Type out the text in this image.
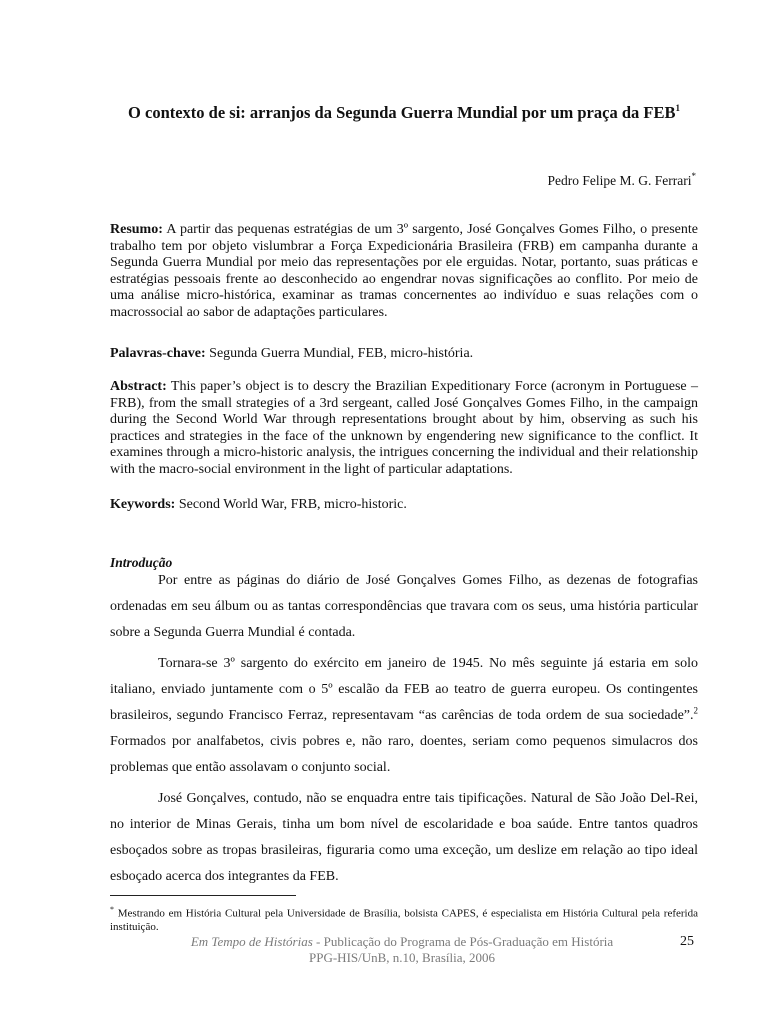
O contexto de si: arranjos da Segunda Guerra Mundial por um praça da FEB$^1$
Pedro Felipe M. G. Ferrari*
Resumo: A partir das pequenas estratégias de um 3º sargento, José Gonçalves Gomes Filho, o presente trabalho tem por objeto vislumbrar a Força Expedicionária Brasileira (FRB) em campanha durante a Segunda Guerra Mundial por meio das representações por ele erguidas. Notar, portanto, suas práticas e estratégias pessoais frente ao desconhecido ao engendrar novas significações ao conflito. Por meio de uma análise micro-histórica, examinar as tramas concernentes ao indivíduo e suas relações com o macrossocial ao sabor de adaptações particulares.
Palavras-chave: Segunda Guerra Mundial, FEB, micro-história.
Abstract: This paper’s object is to descry the Brazilian Expeditionary Force (acronym in Portuguese – FRB), from the small strategies of a 3rd sergeant, called José Gonçalves Gomes Filho, in the campaign during the Second World War through representations brought about by him, observing as such his practices and strategies in the face of the unknown by engendering new significance to the conflict. It examines through a micro-historic analysis, the intrigues concerning the individual and their relationship with the macro-social environment in the light of particular adaptations.
Keywords: Second World War, FRB, micro-historic.
Introdução
Por entre as páginas do diário de José Gonçalves Gomes Filho, as dezenas de fotografias ordenadas em seu álbum ou as tantas correspondências que travara com os seus, uma história particular sobre a Segunda Guerra Mundial é contada.
Tornara-se 3º sargento do exército em janeiro de 1945. No mês seguinte já estaria em solo italiano, enviado juntamente com o 5º escalão da FEB ao teatro de guerra europeu. Os contingentes brasileiros, segundo Francisco Ferraz, representavam “as carências de toda ordem de sua sociedade”.$^2$ Formados por analfabetos, civis pobres e, não raro, doentes, seriam como pequenos simulacros dos problemas que então assolavam o conjunto social.
José Gonçalves, contudo, não se enquadra entre tais tipificações. Natural de São João Del-Rei, no interior de Minas Gerais, tinha um bom nível de escolaridade e boa saúde. Entre tantos quadros esboçados sobre as tropas brasileiras, figuraria como uma exceção, um deslize em relação ao tipo ideal esboçado acerca dos integrantes da FEB.
* Mestrando em História Cultural pela Universidade de Brasília, bolsista CAPES, é especialista em História Cultural pela referida instituição.
Em Tempo de Histórias - Publicação do Programa de Pós-Graduação em História
PPG-HIS/UnB, n.10, Brasília, 2006
25
